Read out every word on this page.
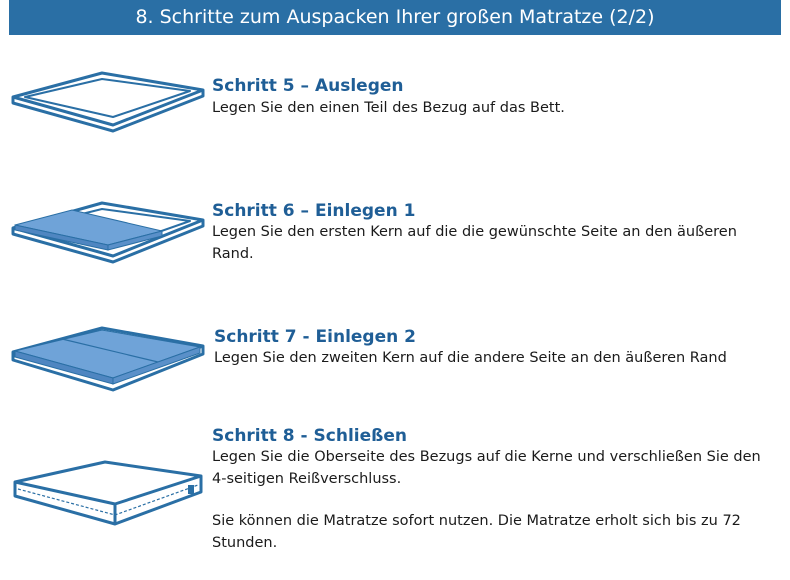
8. Schritte zum Auspacken Ihrer großen Matratze (2/2)
Schritt 5 – Auslegen
Legen Sie den einen Teil des Bezug auf das Bett.
Schritt 6 – Einlegen 1
Legen Sie den ersten Kern auf die die gewünschte Seite an den äußeren Rand.
Schritt 7 - Einlegen 2
Legen Sie den zweiten Kern auf die andere Seite an den äußeren Rand
Schritt 8 - Schließen
Legen Sie die Oberseite des Bezugs auf die Kerne und verschließen Sie den 4-seitigen Reißverschluss.
Sie können die Matratze sofort nutzen. Die Matratze erholt sich bis zu 72 Stunden.
